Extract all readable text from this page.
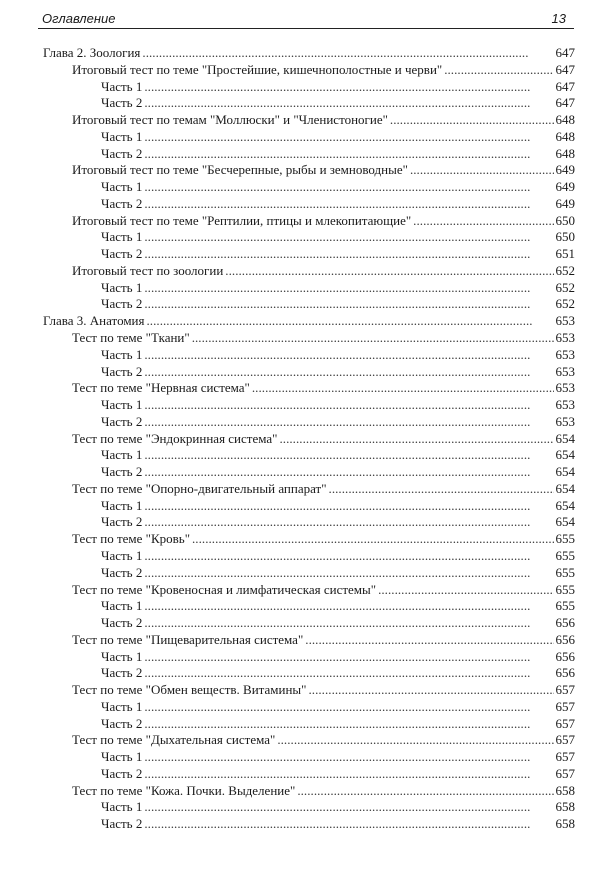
Оглавление	13
Глава 2. Зоология . . .	647
Итоговый тест по теме "Простейшие, кишечнополостные и черви" . . .	647
Часть 1 . . .	647
Часть 2 . . .	647
Итоговый тест по темам "Моллюски" и "Членистоногие" . . .	648
Часть 1 . . .	648
Часть 2 . . .	648
Итоговый тест по теме "Бесчерепные, рыбы и земноводные" . . .	649
Часть 1 . . .	649
Часть 2 . . .	649
Итоговый тест по теме "Рептилии, птицы и млекопитающие" . . .	650
Часть 1 . . .	650
Часть 2 . . .	651
Итоговый тест по зоологии . . .	652
Часть 1 . . .	652
Часть 2 . . .	652
Глава 3. Анатомия . . .	653
Тест по теме "Ткани" . . .	653
Часть 1 . . .	653
Часть 2 . . .	653
Тест по теме "Нервная система" . . .	653
Часть 1 . . .	653
Часть 2 . . .	653
Тест по теме "Эндокринная система" . . .	654
Часть 1 . . .	654
Часть 2 . . .	654
Тест по теме "Опорно-двигательный аппарат" . . .	654
Часть 1 . . .	654
Часть 2 . . .	654
Тест по теме "Кровь" . . .	655
Часть 1 . . .	655
Часть 2 . . .	655
Тест по теме "Кровеносная и лимфатическая системы" . . .	655
Часть 1 . . .	655
Часть 2 . . .	656
Тест по теме "Пищеварительная система" . . .	656
Часть 1 . . .	656
Часть 2 . . .	656
Тест по теме "Обмен веществ. Витамины" . . .	657
Часть 1 . . .	657
Часть 2 . . .	657
Тест по теме "Дыхательная система" . . .	657
Часть 1 . . .	657
Часть 2 . . .	657
Тест по теме "Кожа. Почки. Выделение" . . .	658
Часть 1 . . .	658
Часть 2 . . .	658
